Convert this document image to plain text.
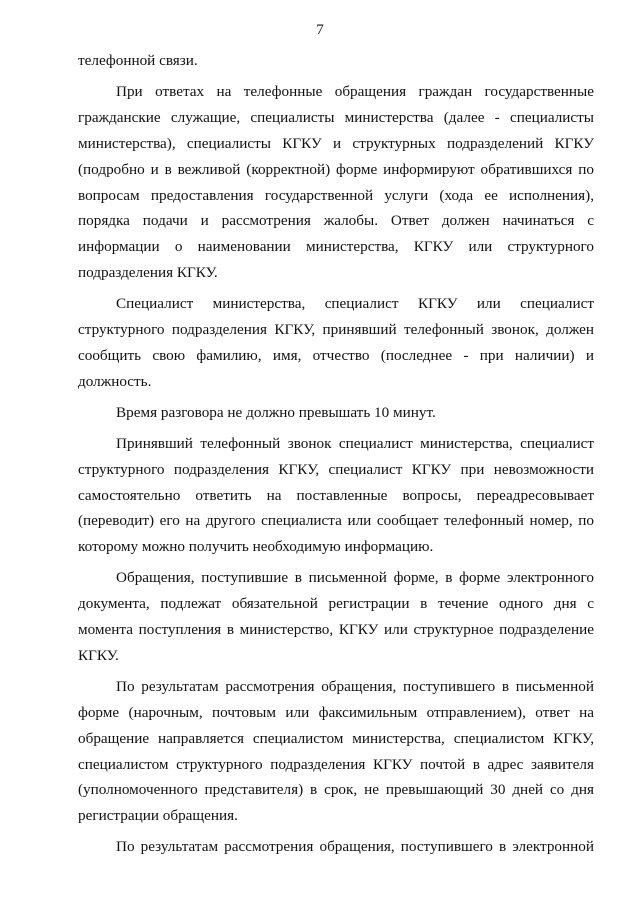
7

телефонной связи.

При ответах на телефонные обращения граждан государственные гражданские служащие, специалисты министерства (далее - специалисты министерства), специалисты КГКУ и структурных подразделений КГКУ (подробно и в вежливой (корректной) форме информируют обратившихся по вопросам предоставления государственной услуги (хода ее исполнения), порядка подачи и рассмотрения жалобы. Ответ должен начинаться с информации о наименовании министерства, КГКУ или структурного подразделения КГКУ.

Специалист министерства, специалист КГКУ или специалист структурного подразделения КГКУ, принявший телефонный звонок, должен сообщить свою фамилию, имя, отчество (последнее - при наличии) и должность.

Время разговора не должно превышать 10 минут.

Принявший телефонный звонок специалист министерства, специалист структурного подразделения КГКУ, специалист КГКУ при невозможности самостоятельно ответить на поставленные вопросы, переадресовывает (переводит) его на другого специалиста или сообщает телефонный номер, по которому можно получить необходимую информацию.

Обращения, поступившие в письменной форме, в форме электронного документа, подлежат обязательной регистрации в течение одного дня с момента поступления в министерство, КГКУ или структурное подразделение КГКУ.

По результатам рассмотрения обращения, поступившего в письменной форме (нарочным, почтовым или факсимильным отправлением), ответ на обращение направляется специалистом министерства, специалистом КГКУ, специалистом структурного подразделения КГКУ почтой в адрес заявителя (уполномоченного представителя) в срок, не превышающий 30 дней со дня регистрации обращения.

По результатам рассмотрения обращения, поступившего в электронной
